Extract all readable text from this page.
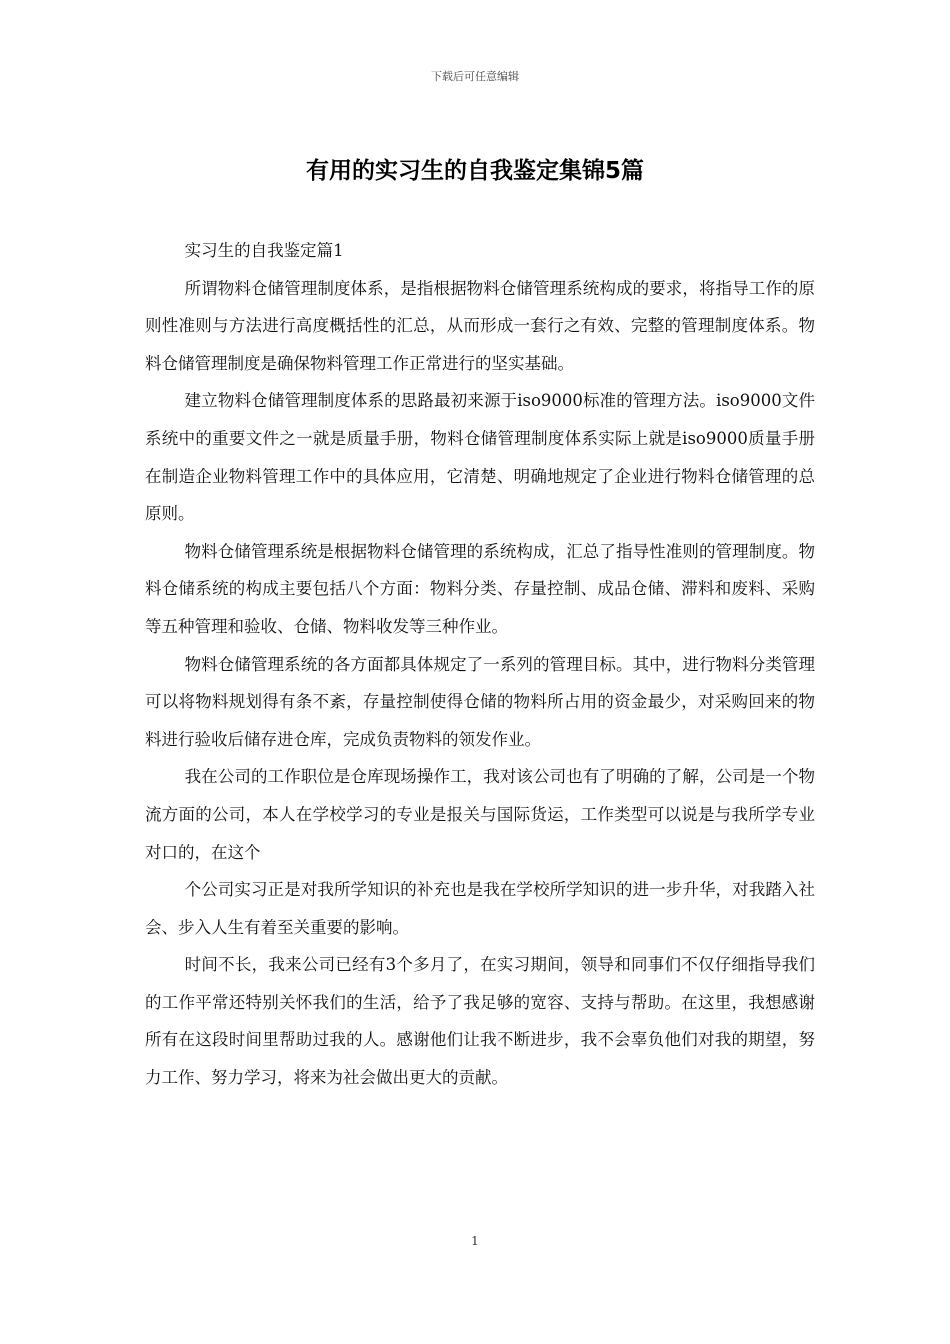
下载后可任意编辑
有用的实习生的自我鉴定集锦5篇

实习生的自我鉴定篇1

所谓物料仓储管理制度体系，是指根据物料仓储管理系统构成的要求，将指导工作的原则性准则与方法进行高度概括性的汇总，从而形成一套行之有效、完整的管理制度体系。物料仓储管理制度是确保物料管理工作正常进行的坚实基础。

建立物料仓储管理制度体系的思路最初来源于iso9000标准的管理方法。iso9000文件系统中的重要文件之一就是质量手册，物料仓储管理制度体系实际上就是iso9000质量手册在制造企业物料管理工作中的具体应用，它清楚、明确地规定了企业进行物料仓储管理的总原则。

物料仓储管理系统是根据物料仓储管理的系统构成，汇总了指导性准则的管理制度。物料仓储系统的构成主要包括八个方面：物料分类、存量控制、成品仓储、滞料和废料、采购等五种管理和验收、仓储、物料收发等三种作业。

物料仓储管理系统的各方面都具体规定了一系列的管理目标。其中，进行物料分类管理可以将物料规划得有条不紊，存量控制使得仓储的物料所占用的资金最少，对采购回来的物料进行验收后储存进仓库，完成负责物料的领发作业。

我在公司的工作职位是仓库现场操作工，我对该公司也有了明确的了解，公司是一个物流方面的公司，本人在学校学习的专业是报关与国际货运，工作类型可以说是与我所学专业对口的，在这个

个公司实习正是对我所学知识的补充也是我在学校所学知识的进一步升华，对我踏入社会、步入人生有着至关重要的影响。

时间不长，我来公司已经有3个多月了，在实习期间，领导和同事们不仅仔细指导我们的工作平常还特别关怀我们的生活，给予了我足够的宽容、支持与帮助。在这里，我想感谢所有在这段时间里帮助过我的人。感谢他们让我不断进步，我不会辜负他们对我的期望，努力工作、努力学习，将来为社会做出更大的贡献。

1
